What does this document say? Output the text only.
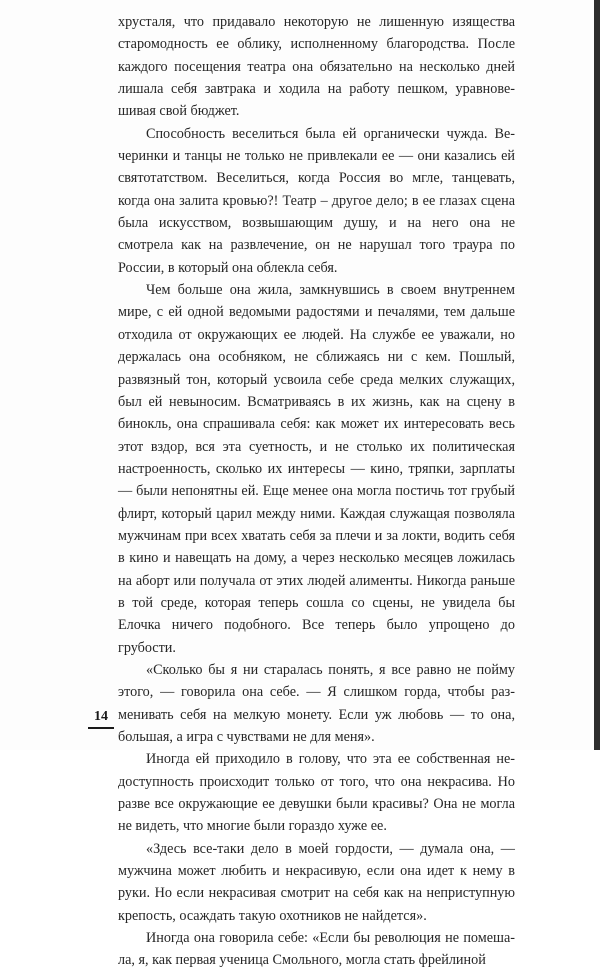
хрусталя, что придавало некоторую не лишенную изящества старомодность ее облику, исполненному благородства. После каждого посещения театра она обязательно на несколько дней лишала себя завтрака и ходила на работу пешком, уравновешивая свой бюджет.

Способность веселиться была ей органически чужда. Вечеринки и танцы не только не привлекали ее — они казались ей святотатством. Веселиться, когда Россия во мгле, танцевать, когда она залита кровью?! Театр – другое дело; в ее глазах сцена была искусством, возвышающим душу, и на него она не смотрела как на развлечение, он не нарушал того траура по России, в который она облекла себя.

Чем больше она жила, замкнувшись в своем внутреннем мире, с ей одной ведомыми радостями и печалями, тем дальше отходила от окружающих ее людей. На службе ее уважали, но держалась она особняком, не сближаясь ни с кем. Пошлый, развязный тон, который усвоила себе среда мелких служащих, был ей невыносим. Всматриваясь в их жизнь, как на сцену в бинокль, она спрашивала себя: как может их интересовать весь этот вздор, вся эта суетность, и не столько их политическая настроенность, сколько их интересы — кино, тряпки, зарплаты — были непонятны ей. Еще менее она могла постичь тот грубый флирт, который царил между ними. Каждая служащая позволяла мужчинам при всех хватать себя за плечи и за локти, водить себя в кино и навещать на дому, а через несколько месяцев ложилась на аборт или получала от этих людей алименты. Никогда раньше в той среде, которая теперь сошла со сцены, не увидела бы Елочка ничего подобного. Все теперь было упрощено до грубости.

«Сколько бы я ни старалась понять, я все равно не пойму этого, — говорила она себе. — Я слишком горда, чтобы разменивать себя на мелкую монету. Если уж любовь — то она, большая, а игра с чувствами не для меня».

Иногда ей приходило в голову, что эта ее собственная недоступность происходит только от того, что она некрасива. Но разве все окружающие ее девушки были красивы? Она не могла не видеть, что многие были гораздо хуже ее.

«Здесь все-таки дело в моей гордости, — думала она, — мужчина может любить и некрасивую, если она идет к нему в руки. Но если некрасивая смотрит на себя как на неприступную крепость, осаждать такую охотников не найдется».

Иногда она говорила себе: «Если бы революция не помешала, я, как первая ученица Смольного, могла стать фрейлиной

14
